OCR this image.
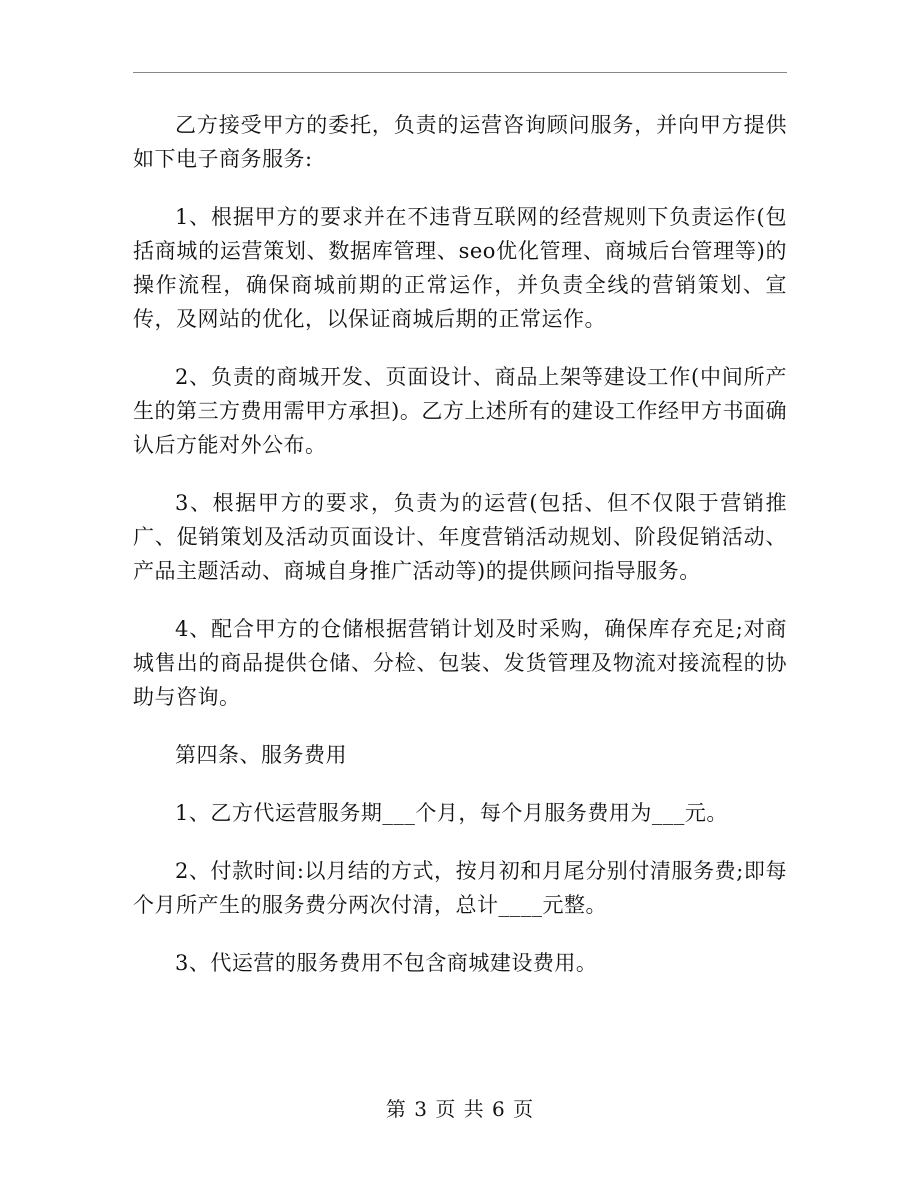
乙方接受甲方的委托，负责的运营咨询顾问服务，并向甲方提供如下电子商务服务:

1、根据甲方的要求并在不违背互联网的经营规则下负责运作(包括商城的运营策划、数据库管理、seo优化管理、商城后台管理等)的操作流程，确保商城前期的正常运作，并负责全线的营销策划、宣传，及网站的优化，以保证商城后期的正常运作。

2、负责的商城开发、页面设计、商品上架等建设工作(中间所产生的第三方费用需甲方承担)。乙方上述所有的建设工作经甲方书面确认后方能对外公布。

3、根据甲方的要求，负责为的运营(包括、但不仅限于营销推广、促销策划及活动页面设计、年度营销活动规划、阶段促销活动、产品主题活动、商城自身推广活动等)的提供顾问指导服务。

4、配合甲方的仓储根据营销计划及时采购，确保库存充足;对商城售出的商品提供仓储、分检、包装、发货管理及物流对接流程的协助与咨询。

第四条、服务费用

1、乙方代运营服务期___个月，每个月服务费用为___元。

2、付款时间:以月结的方式，按月初和月尾分别付清服务费;即每个月所产生的服务费分两次付清，总计____元整。

3、代运营的服务费用不包含商城建设费用。

第 3 页 共 6 页
